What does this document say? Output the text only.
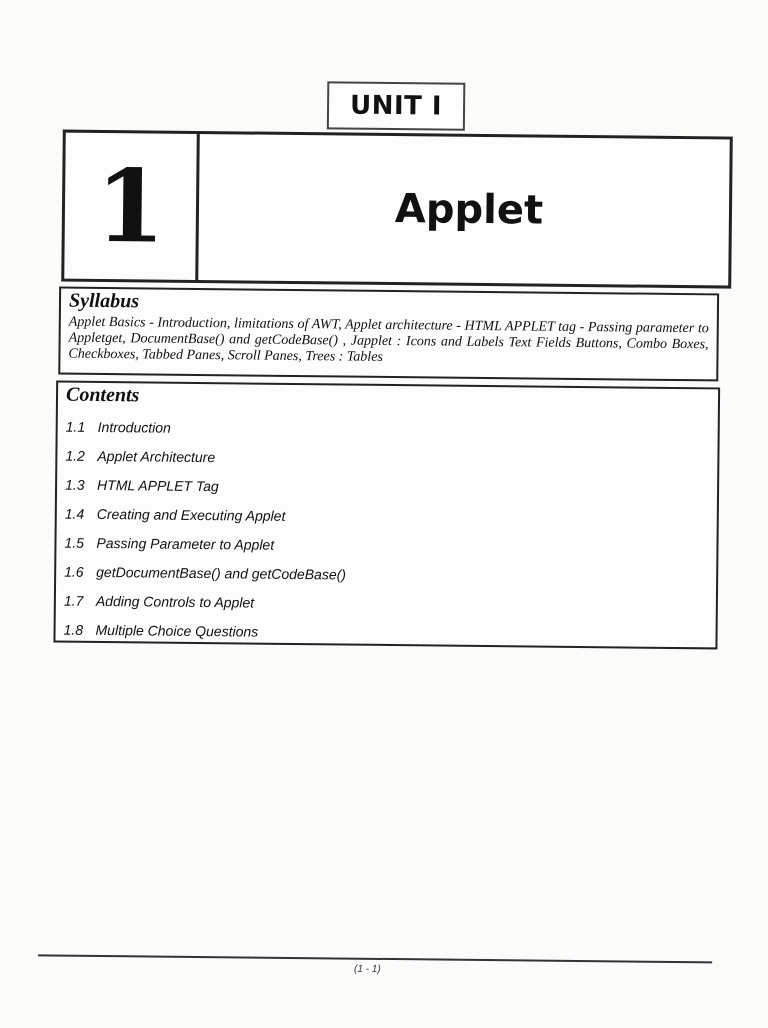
UNIT I
1	Applet
Syllabus
Applet Basics - Introduction, limitations of AWT, Applet architecture - HTML APPLET tag - Passing parameter to Appletget, DocumentBase() and getCodeBase() , Japplet : Icons and Labels Text Fields Buttons, Combo Boxes, Checkboxes, Tabbed Panes, Scroll Panes, Trees : Tables
Contents
1.1 Introduction
1.2 Applet Architecture
1.3 HTML APPLET Tag
1.4 Creating and Executing Applet
1.5 Passing Parameter to Applet
1.6 getDocumentBase() and getCodeBase()
1.7 Adding Controls to Applet
1.8 Multiple Choice Questions
(1 - 1)
